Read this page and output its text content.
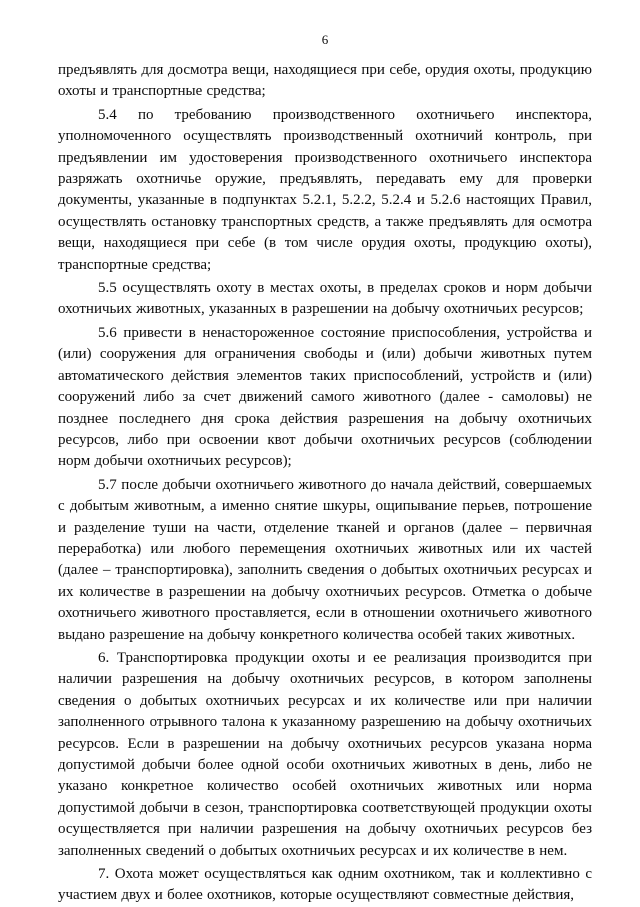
6

предъявлять для досмотра вещи, находящиеся при себе, орудия охоты, продукцию охоты и транспортные средства;

5.4 по требованию производственного охотничьего инспектора, уполномоченного осуществлять производственный охотничий контроль, при предъявлении им удостоверения производственного охотничьего инспектора разряжать охотничье оружие, предъявлять, передавать ему для проверки документы, указанные в подпунктах 5.2.1, 5.2.2, 5.2.4 и 5.2.6 настоящих Правил, осуществлять остановку транспортных средств, а также предъявлять для осмотра вещи, находящиеся при себе (в том числе орудия охоты, продукцию охоты), транспортные средства;

5.5 осуществлять охоту в местах охоты, в пределах сроков и норм добычи охотничьих животных, указанных в разрешении на добычу охотничьих ресурсов;

5.6 привести в ненастороженное состояние приспособления, устройства и (или) сооружения для ограничения свободы и (или) добычи животных путем автоматического действия элементов таких приспособлений, устройств и (или) сооружений либо за счет движений самого животного (далее - самоловы) не позднее последнего дня срока действия разрешения на добычу охотничьих ресурсов, либо при освоении квот добычи охотничьих ресурсов (соблюдении норм добычи охотничьих ресурсов);

5.7 после добычи охотничьего животного до начала действий, совершаемых с добытым животным, а именно снятие шкуры, ощипывание перьев, потрошение и разделение туши на части, отделение тканей и органов (далее – первичная переработка) или любого перемещения охотничьих животных или их частей (далее – транспортировка), заполнить сведения о добытых охотничьих ресурсах и их количестве в разрешении на добычу охотничьих ресурсов. Отметка о добыче охотничьего животного проставляется, если в отношении охотничьего животного выдано разрешение на добычу конкретного количества особей таких животных.

6. Транспортировка продукции охоты и ее реализация производится при наличии разрешения на добычу охотничьих ресурсов, в котором заполнены сведения о добытых охотничьих ресурсах и их количестве или при наличии заполненного отрывного талона к указанному разрешению на добычу охотничьих ресурсов. Если в разрешении на добычу охотничьих ресурсов указана норма допустимой добычи более одной особи охотничьих животных в день, либо не указано конкретное количество особей охотничьих животных или норма допустимой добычи в сезон, транспортировка соответствующей продукции охоты осуществляется при наличии разрешения на добычу охотничьих ресурсов без заполненных сведений о добытых охотничьих ресурсах и их количестве в нем.

7. Охота может осуществляться как одним охотником, так и коллективно с участием двух и более охотников, которые осуществляют совместные действия,
